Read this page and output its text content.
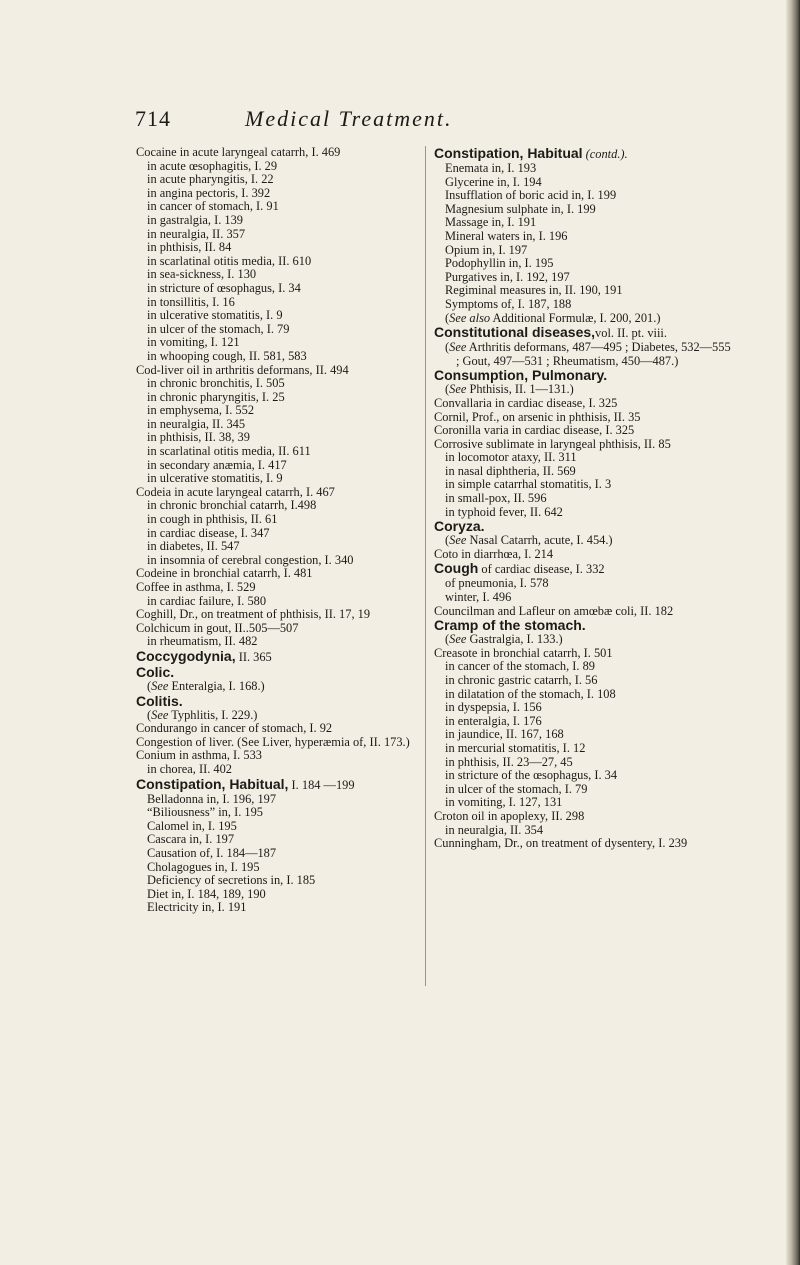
714	Medical Treatment.

Cocaine in acute laryngeal catarrh, I. 469

in acute œsophagitis, I. 29

in acute pharyngitis, I. 22

in angina pectoris, I. 392

in cancer of stomach, I. 91

in gastralgia, I. 139

in neuralgia, II. 357

in phthisis, II. 84

in scarlatinal otitis media, II. 610

in sea-sickness, I. 130

in stricture of œsophagus, I. 34

in tonsillitis, I. 16

in ulcerative stomatitis, I. 9

in ulcer of the stomach, I. 79

in vomiting, I. 121

in whooping cough, II. 581, 583

Cod-liver oil in arthritis deformans, II. 494

in chronic bronchitis, I. 505

in chronic pharyngitis, I. 25

in emphysema, I. 552

in neuralgia, II. 345

in phthisis, II. 38, 39

in scarlatinal otitis media, II. 611

in secondary anæmia, I. 417

in ulcerative stomatitis, I. 9

Codeia in acute laryngeal catarrh, I. 467

in chronic bronchial catarrh, I.498

in cough in phthisis, II. 61

in cardiac disease, I. 347

in diabetes, II. 547

in insomnia of cerebral congestion, I. 340

Codeine in bronchial catarrh, I. 481

Coffee in asthma, I. 529

in cardiac failure, I. 580

Coghill, Dr., on treatment of phthisis, II. 17, 19

Colchicum in gout, II..505—507

in rheumatism, II. 482

Coccygodynia, II. 365

Colic.

(See Enteralgia, I. 168.)

Colitis.

(See Typhlitis, I. 229.)

Condurango in cancer of stomach, I. 92

Congestion of liver. (See Liver, hyperæmia of, II. 173.)

Conium in asthma, I. 533

in chorea, II. 402

Constipation, Habitual, I. 184 —199

Belladonna in, I. 196, 197

“Biliousness” in, I. 195

Calomel in, I. 195

Cascara in, I. 197

Causation of, I. 184—187

Cholagogues in, I. 195

Deficiency of secretions in, I. 185

Diet in, I. 184, 189, 190

Electricity in, I. 191

Constipation, Habitual (contd.).

Enemata in, I. 193

Glycerine in, I. 194

Insufflation of boric acid in, I. 199

Magnesium sulphate in, I. 199

Massage in, I. 191

Mineral waters in, I. 196

Opium in, I. 197

Podophyllin in, I. 195

Purgatives in, I. 192, 197

Regiminal measures in, II. 190, 191

Symptoms of, I. 187, 188

(See also Additional Formulæ, I. 200, 201.)

Constitutional diseases,vol. II. pt. viii.

(See Arthritis deformans, 487—495 ; Diabetes, 532—555 ; Gout, 497—531 ; Rheumatism, 450—487.)

Consumption, Pulmonary.

(See Phthisis, II. 1—131.)

Convallaria in cardiac disease, I. 325

Cornil, Prof., on arsenic in phthisis, II. 35

Coronilla varia in cardiac disease, I. 325

Corrosive sublimate in laryngeal phthisis, II. 85

in locomotor ataxy, II. 311

in nasal diphtheria, II. 569

in simple catarrhal stomatitis, I. 3

in small-pox, II. 596

in typhoid fever, II. 642

Coryza.

(See Nasal Catarrh, acute, I. 454.)

Coto in diarrhœa, I. 214

Cough of cardiac disease, I. 332

of pneumonia, I. 578

winter, I. 496

Councilman and Lafleur on amœbæ coli, II. 182

Cramp of the stomach.

(See Gastralgia, I. 133.)

Creasote in bronchial catarrh, I. 501

in cancer of the stomach, I. 89

in chronic gastric catarrh, I. 56

in dilatation of the stomach, I. 108

in dyspepsia, I. 156

in enteralgia, I. 176

in jaundice, II. 167, 168

in mercurial stomatitis, I. 12

in phthisis, II. 23—27, 45

in stricture of the œsophagus, I. 34

in ulcer of the stomach, I. 79

in vomiting, I. 127, 131

Croton oil in apoplexy, II. 298

in neuralgia, II. 354

Cunningham, Dr., on treatment of dysentery, I. 239
